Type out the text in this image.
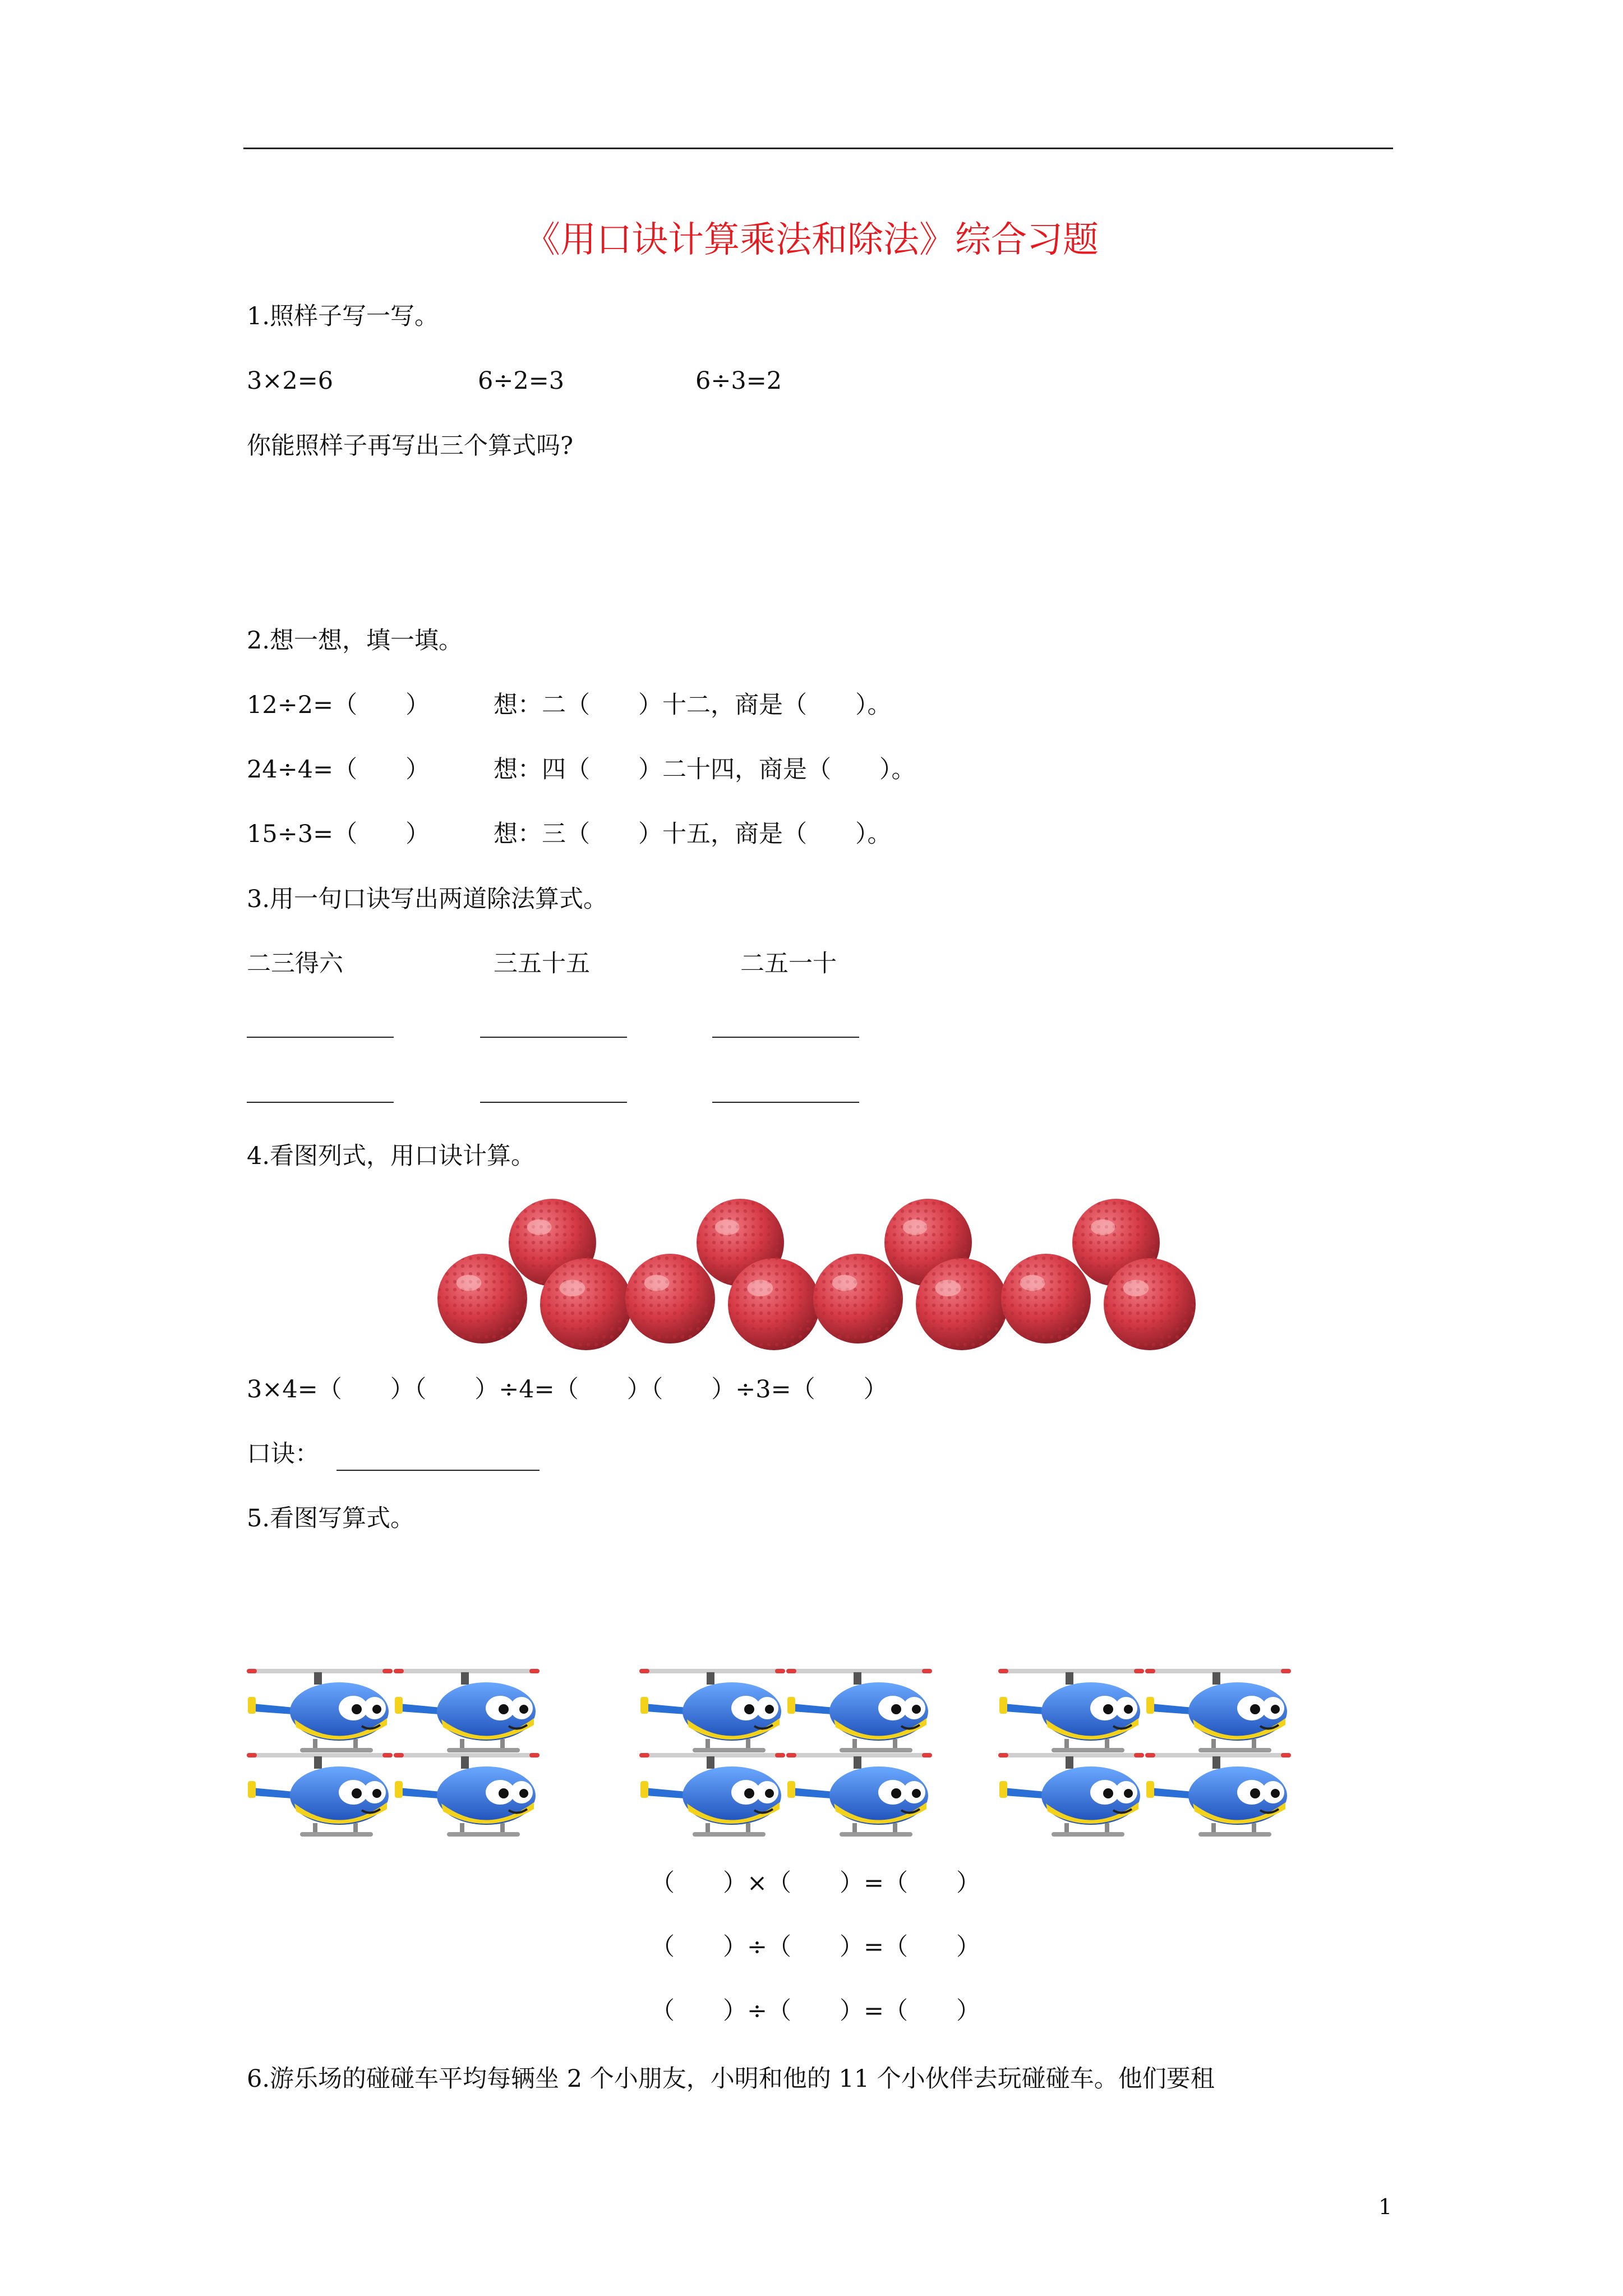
《用口诀计算乘法和除法》综合习题
1.照样子写一写。
3×2=6	6÷2=3	6÷3=2
你能照样子再写出三个算式吗?
2.想一想，填一填。
12÷2=（　　）	想：二（　　）十二，商是（　　）。
24÷4=（　　）	想：四（　　）二十四，商是（　　）。
15÷3=（　　）	想：三（　　）十五，商是（　　）。
3.用一句口诀写出两道除法算式。
二三得六	三五十五	二五一十
4.看图列式，用口诀计算。
3×4=（　　）（　　）÷4=（　　）（　　）÷3=（　　）
口诀：
5.看图写算式。
（　　）×（　　）=（　　）
（　　）÷（　　）=（　　）
（　　）÷（　　）=（　　）
6.游乐场的碰碰车平均每辆坐 2 个小朋友，小明和他的 11 个小伙伴去玩碰碰车。他们要租
1
